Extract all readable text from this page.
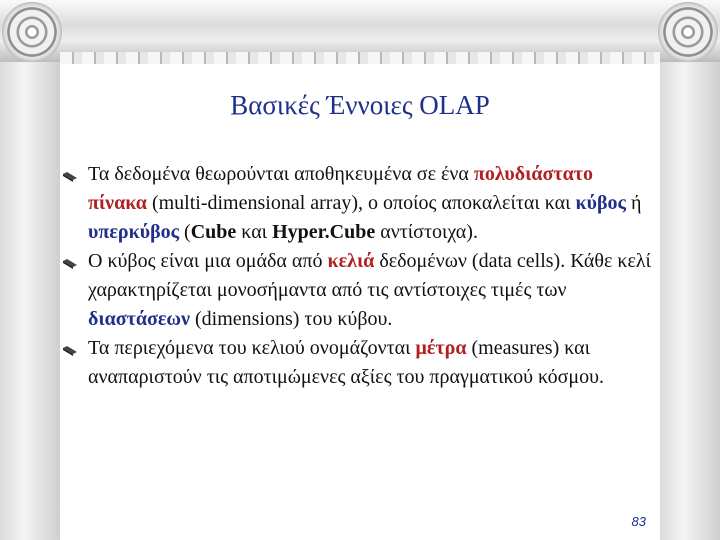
Βασικές Έννοιες OLAP
Τα δεδομένα θεωρούνται αποθηκευμένα σε ένα πολυδιάστατο πίνακα (multi-dimensional array), ο οποίος αποκαλείται και κύβος ή υπερκύβος (Cube και Hyper.Cube αντίστοιχα).
Ο κύβος είναι μια ομάδα από κελιά δεδομένων (data cells). Κάθε κελί χαρακτηρίζεται μονοσήμαντα από τις αντίστοιχες τιμές των διαστάσεων (dimensions) του κύβου.
Τα περιεχόμενα του κελιού ονομάζονται μέτρα (measures) και αναπαριστούν τις αποτιμώμενες αξίες του πραγματικού κόσμου.
83
